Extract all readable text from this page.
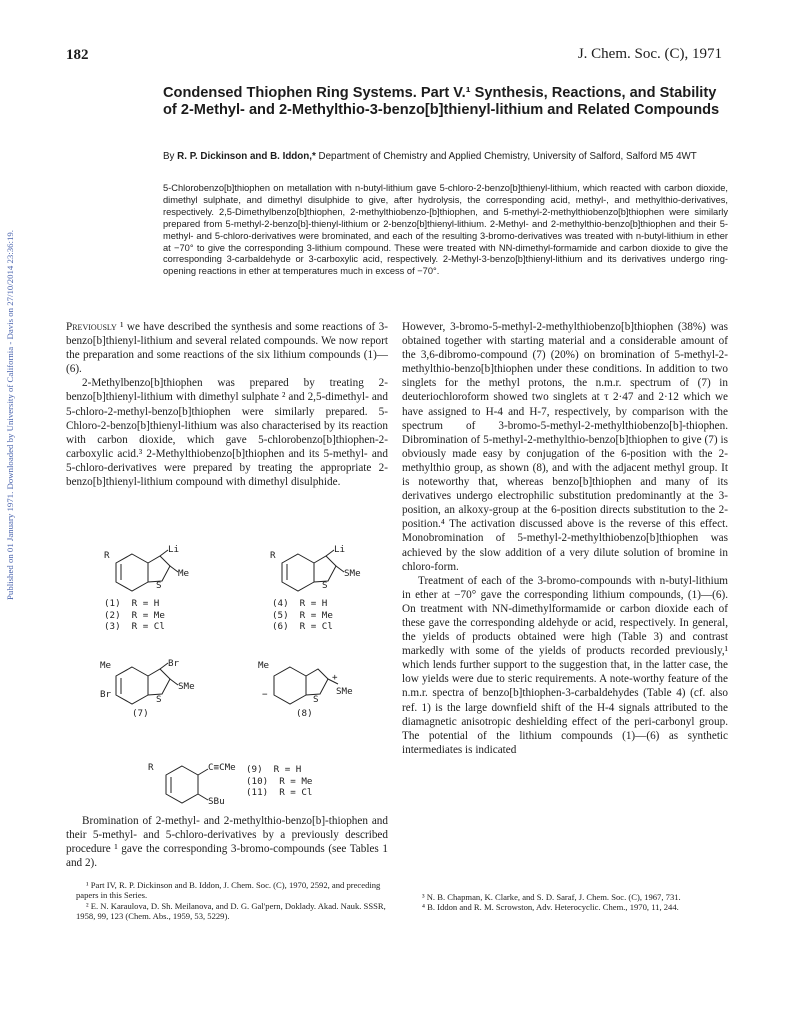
182	J. Chem. Soc. (C), 1971
Condensed Thiophen Ring Systems. Part V.¹ Synthesis, Reactions, and Stability of 2-Methyl- and 2-Methylthio-3-benzo[b]thienyl-lithium and Related Compounds
By R. P. Dickinson and B. Iddon,* Department of Chemistry and Applied Chemistry, University of Salford, Salford M5 4WT
5-Chlorobenzo[b]thiophen on metallation with n-butyl-lithium gave 5-chloro-2-benzo[b]thienyl-lithium, which reacted with carbon dioxide, dimethyl sulphate, and dimethyl disulphide to give, after hydrolysis, the corresponding acid, methyl-, and methylthio-derivatives, respectively. 2,5-Dimethylbenzo[b]thiophen, 2-methylthiobenzo-[b]thiophen, and 5-methyl-2-methylthiobenzo[b]thiophen were similarly prepared from 5-methyl-2-benzo[b]-thienyl-lithium or 2-benzo[b]thienyl-lithium. 2-Methyl- and 2-methylthio-benzo[b]thiophen and their 5-methyl- and 5-chloro-derivatives were brominated, and each of the resulting 3-bromo-derivatives was treated with n-butyl-lithium in ether at −70° to give the corresponding 3-lithium compound. These were treated with NN-dimethyl-formamide and carbon dioxide to give the corresponding 3-carbaldehyde or 3-carboxylic acid, respectively. 2-Methyl-3-benzo[b]thienyl-lithium and its derivatives undergo ring-opening reactions in ether at temperatures much in excess of −70°.
Published on 01 January 1971. Downloaded by University of California - Davis on 27/10/2014 23:36:19.	Previously ¹ we have described the synthesis and some reactions of 3-benzo[b]thienyl-lithium and several related compounds. We now report the preparation and some reactions of the six lithium compounds (1)—(6).

2-Methylbenzo[b]thiophen was prepared by treating 2-benzo[b]thienyl-lithium with dimethyl sulphate ² and 2,5-dimethyl- and 5-chloro-2-methyl-benzo[b]thiophen were similarly prepared. 5-Chloro-2-benzo[b]thienyl-lithium was also characterised by its reaction with carbon dioxide, which gave 5-chlorobenzo[b]thiophen-2-carboxylic acid.³ 2-Methylthiobenzo[b]thiophen and its 5-methyl- and 5-chloro-derivatives were prepared by treating the appropriate 2-benzo[b]thienyl-lithium compound with dimethyl disulphide.

R
Li
Me
S
R
Li
SMe
S
(1)  R = H
(2)  R = Me
(3)  R = Cl
(4)  R = H
(5)  R = Me
(6)  R = Cl
Me	Br
Br
SMe
S
(7)
Me
−	SMe
+
S
(8)
R	C≡CMe
SBu
(9)  R = H
(10)  R = Me
(11)  R = Cl

Bromination of 2-methyl- and 2-methylthio-benzo[b]-thiophen and their 5-methyl- and 5-chloro-derivatives by a previously described procedure ¹ gave the corresponding 3-bromo-compounds (see Tables 1 and 2).

However, 3-bromo-5-methyl-2-methylthiobenzo[b]thiophen (38%) was obtained together with starting material and a considerable amount of the 3,6-dibromo-compound (7) (20%) on bromination of 5-methyl-2-methylthio-benzo[b]thiophen under these conditions. In addition to two singlets for the methyl protons, the n.m.r. spectrum of (7) in deuteriochloroform showed two singlets at τ 2·47 and 2·12 which we have assigned to H-4 and H-7, respectively, by comparison with the spectrum of 3-bromo-5-methyl-2-methylthiobenzo[b]-thiophen. Dibromination of 5-methyl-2-methylthio-benzo[b]thiophen to give (7) is obviously made easy by conjugation of the 6-position with the 2-methylthio group, as shown (8), and with the adjacent methyl group. It is noteworthy that, whereas benzo[b]thiophen and many of its derivatives undergo electrophilic substitution predominantly at the 3-position, an alkoxy-group at the 6-position directs substitution to the 2-position.⁴ The activation discussed above is the reverse of this effect. Monobromination of 5-methyl-2-methylthiobenzo[b]thiophen was achieved by the slow addition of a very dilute solution of bromine in chloro-form.

Treatment of each of the 3-bromo-compounds with n-butyl-lithium in ether at −70° gave the corresponding lithium compounds, (1)—(6). On treatment with NN-dimethylformamide or carbon dioxide each of these gave the corresponding aldehyde or acid, respectively. In general, the yields of products obtained were high (Table 3) and contrast markedly with some of the yields of products recorded previously,¹ which lends further support to the suggestion that, in the latter case, the low yields were due to steric requirements. A note-worthy feature of the n.m.r. spectra of benzo[b]thiophen-3-carbaldehydes (Table 4) (cf. also ref. 1) is the large downfield shift of the H-4 signals attributed to the diamagnetic anisotropic deshielding effect of the peri-carbonyl group. The potential of the lithium compounds (1)—(6) as synthetic intermediates is indicated

¹ Part IV, R. P. Dickinson and B. Iddon, J. Chem. Soc. (C), 1970, 2592, and preceding papers in this Series.

² E. N. Karaulova, D. Sh. Meilanova, and D. G. Gal'pern, Doklady. Akad. Nauk. SSSR, 1958, 99, 123 (Chem. Abs., 1959, 53, 5229).

³ N. B. Chapman, K. Clarke, and S. D. Saraf, J. Chem. Soc. (C), 1967, 731.

⁴ B. Iddon and R. M. Scrowston, Adv. Heterocyclic. Chem., 1970, 11, 244.
